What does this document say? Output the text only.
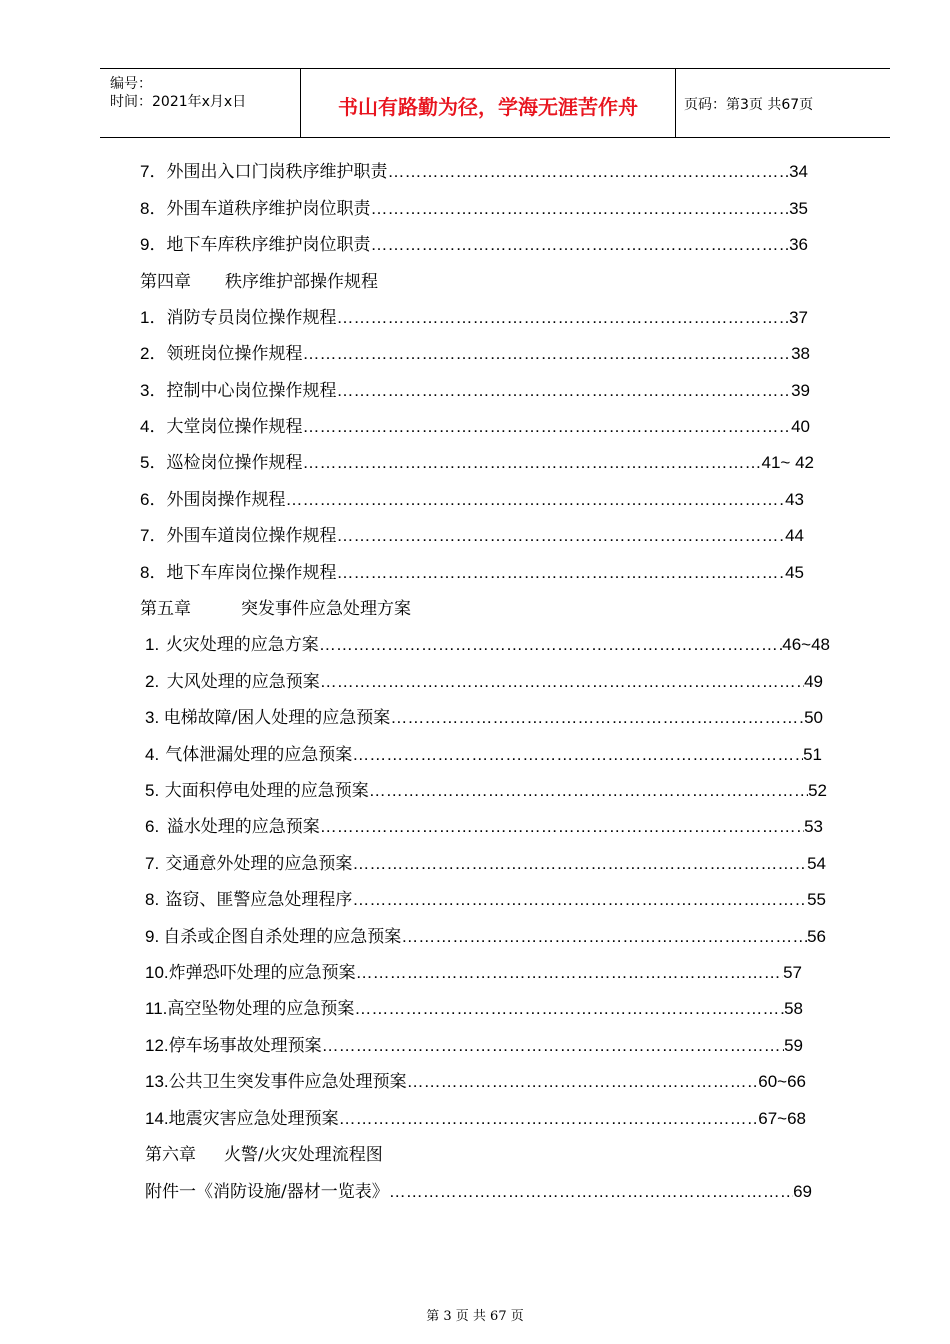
编号：
时间：2021年x月x日	书山有路勤为径，学海无涯苦作舟	页码：第3页 共67页
7． 外围出入口门岗秩序维护职责 …………………………………………………………………………………………………………………………………………………………………………………………………………	34
8． 外围车道秩序维护岗位职责 …………………………………………………………………………………………………………………………………………………………………………………………………………	35
9． 地下车库秩序维护岗位职责 …………………………………………………………………………………………………………………………………………………………………………………………………………	36
第四章 秩序维护部操作规程
1． 消防专员岗位操作规程 …………………………………………………………………………………………………………………………………………………………………………………………………………	37
2． 领班岗位操作规程 …………………………………………………………………………………………………………………………………………………………………………………………………………	38
3． 控制中心岗位操作规程 …………………………………………………………………………………………………………………………………………………………………………………………………………	39
4． 大堂岗位操作规程 …………………………………………………………………………………………………………………………………………………………………………………………………………	40
5． 巡检岗位操作规程 …………………………………………………………………………………………………………………………………………………………………………………………………………	41~ 42
6． 外围岗操作规程 …………………………………………………………………………………………………………………………………………………………………………………………………………	43
7． 外围车道岗位操作规程 …………………………………………………………………………………………………………………………………………………………………………………………………………	44
8． 地下车库岗位操作规程 …………………………………………………………………………………………………………………………………………………………………………………………………………	45
第五章	突发事件应急处理方案
1. 火灾处理的应急方案 …………………………………………………………………………………………………………………………………………………………………………………………………………	46~48
2. 大风处理的应急预案 …………………………………………………………………………………………………………………………………………………………………………………………………………	49
3. 电梯故障/困人处理的应急预案 …………………………………………………………………………………………………………………………………………………………………………………………………………	50
4. 气体泄漏处理的应急预案 …………………………………………………………………………………………………………………………………………………………………………………………………………	51
5. 大面积停电处理的应急预案 …………………………………………………………………………………………………………………………………………………………………………………………………………	52
6. 溢水处理的应急预案 …………………………………………………………………………………………………………………………………………………………………………………………………………	53
7. 交通意外处理的应急预案 …………………………………………………………………………………………………………………………………………………………………………………………………………	54
8. 盗窃、匪警应急处理程序 …………………………………………………………………………………………………………………………………………………………………………………………………………	55
9. 自杀或企图自杀处理的应急预案 …………………………………………………………………………………………………………………………………………………………………………………………………………	56
10. 炸弹恐吓处理的应急预案 …………………………………………………………………………………………………………………………………………………………………………………………………………	57
11. 高空坠物处理的应急预案 …………………………………………………………………………………………………………………………………………………………………………………………………………	58
12. 停车场事故处理预案 …………………………………………………………………………………………………………………………………………………………………………………………………………	59
13. 公共卫生突发事件应急处理预案 …………………………………………………………………………………………………………………………………………………………………………………………………………	60~66
14. 地震灾害应急处理预案 …………………………………………………………………………………………………………………………………………………………………………………………………………	67~68
第六章 火警/火灾处理流程图
附件一《消防设施/器材一览表》 …………………………………………………………………………………………………………………………………………………………………………………………………………	69
第 3 页 共 67 页
